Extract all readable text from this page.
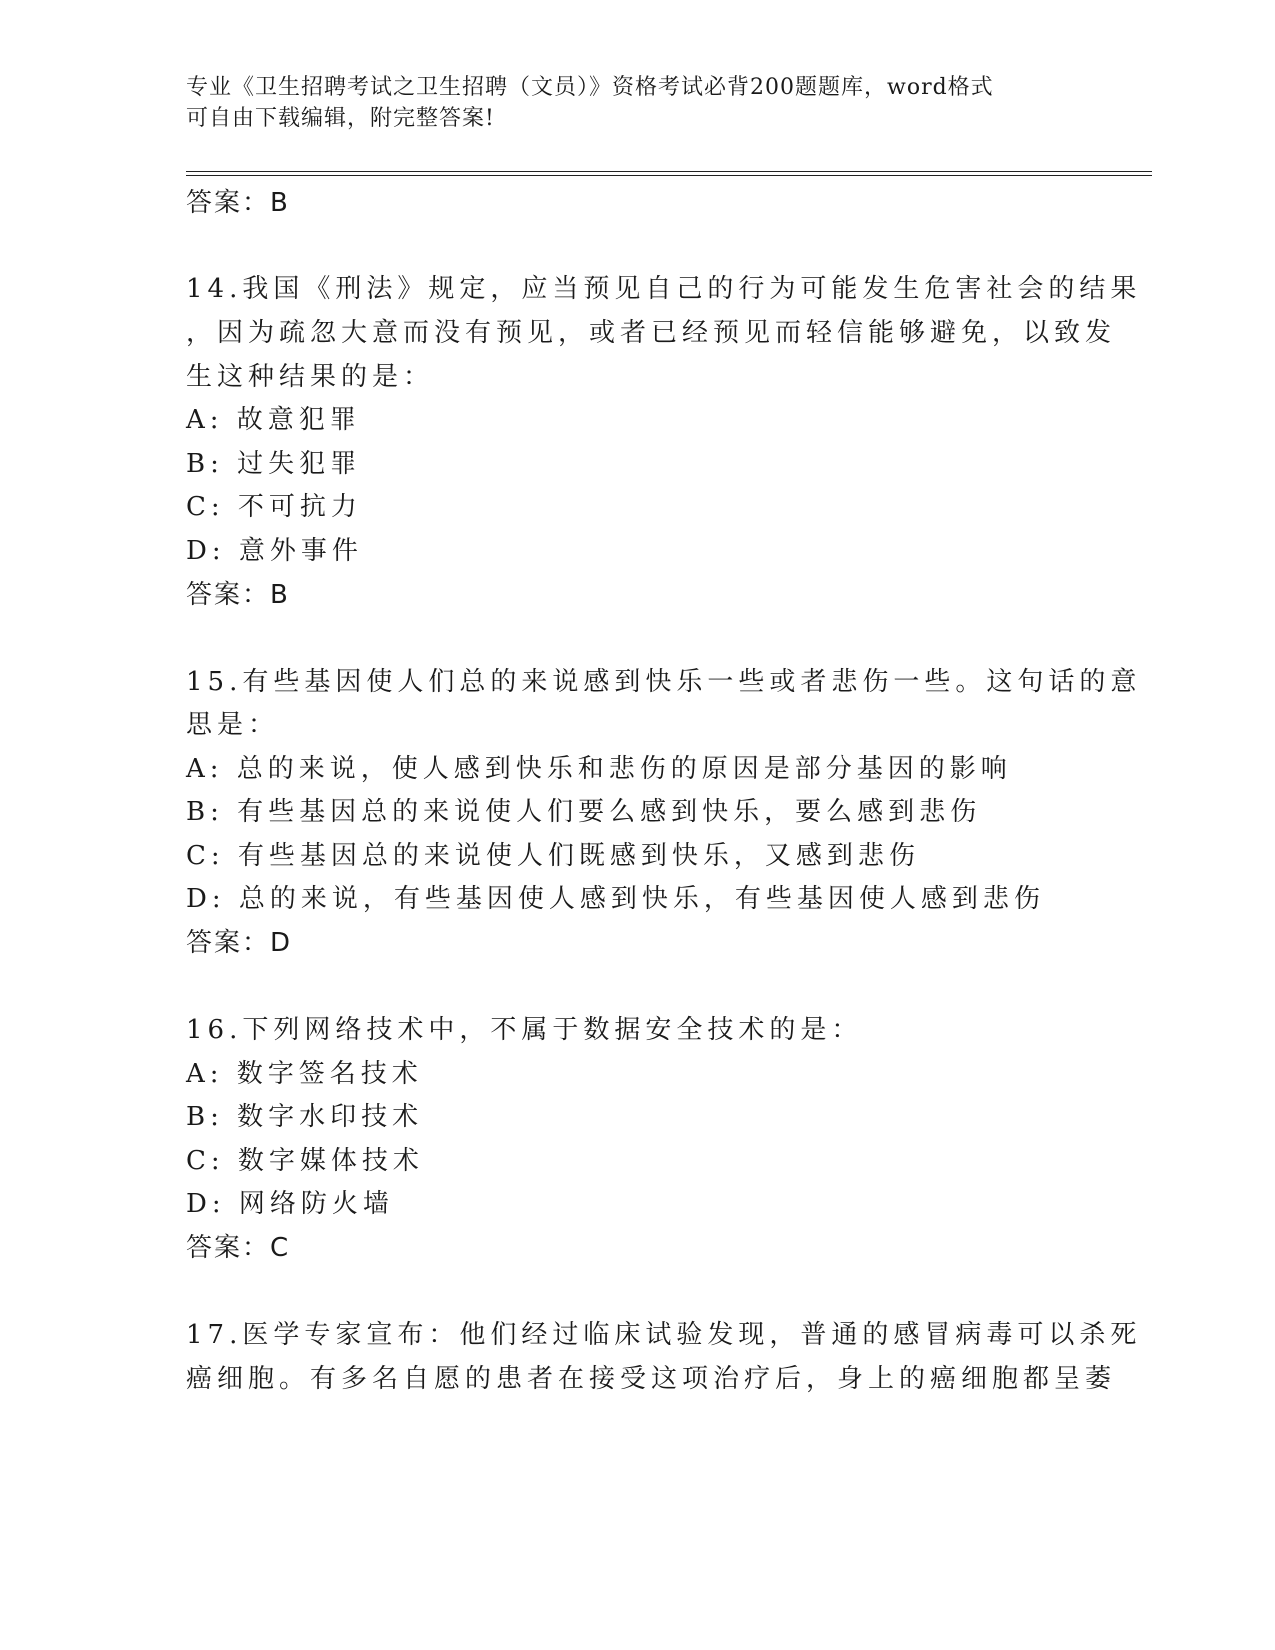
专业《卫生招聘考试之卫生招聘（文员）》资格考试必背200题题库，word格式
可自由下载编辑，附完整答案!
答案：B
14.我国《刑法》规定，应当预见自己的行为可能发生危害社会的结果
，因为疏忽大意而没有预见，或者已经预见而轻信能够避免，以致发
生这种结果的是：
A: 故意犯罪
B: 过失犯罪
C: 不可抗力
D: 意外事件
答案：B
15.有些基因使人们总的来说感到快乐一些或者悲伤一些。这句话的意
思是：
A: 总的来说，使人感到快乐和悲伤的原因是部分基因的影响
B: 有些基因总的来说使人们要么感到快乐，要么感到悲伤
C: 有些基因总的来说使人们既感到快乐，又感到悲伤
D: 总的来说，有些基因使人感到快乐，有些基因使人感到悲伤
答案：D
16.下列网络技术中，不属于数据安全技术的是：
A: 数字签名技术
B: 数字水印技术
C: 数字媒体技术
D: 网络防火墙
答案：C
17.医学专家宣布：他们经过临床试验发现，普通的感冒病毒可以杀死
癌细胞。有多名自愿的患者在接受这项治疗后，身上的癌细胞都呈萎
